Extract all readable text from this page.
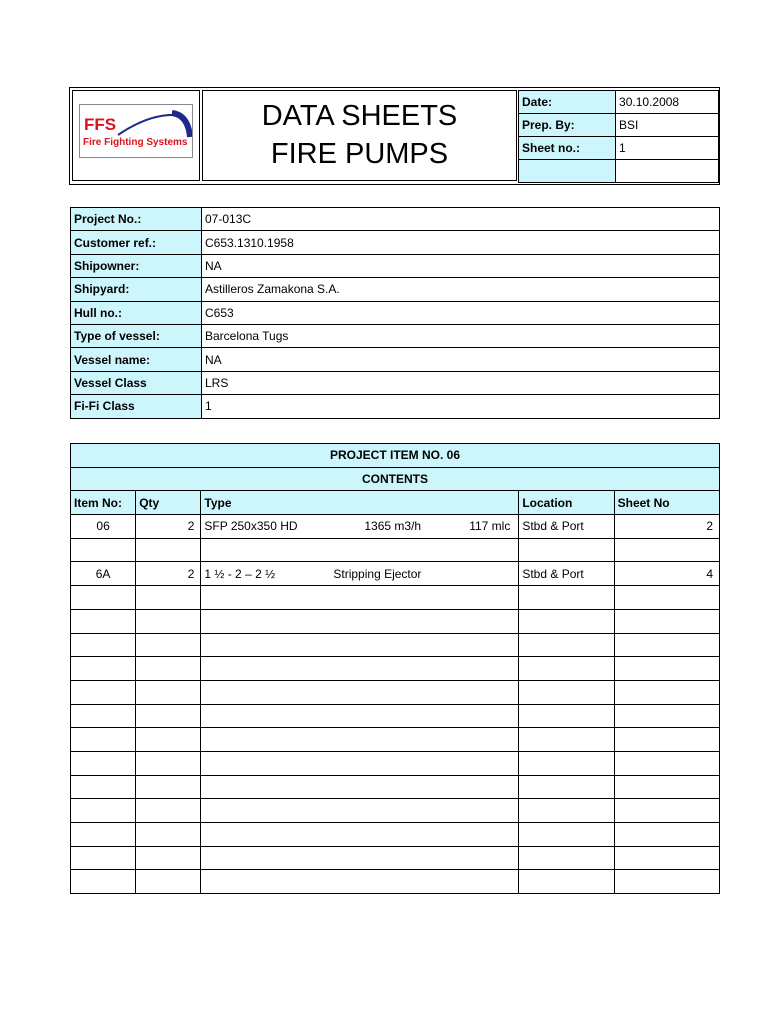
FFS
Fire Fighting Systems
DATA SHEETS
FIRE PUMPS
Date:	30.10.2008
Prep. By:	BSI
Sheet no.:	1

Project No.:	07-013C
Customer ref.:	C653.1310.1958
Shipowner:	NA
Shipyard:	Astilleros Zamakona S.A.
Hull no.:	C653
Type of vessel:	Barcelona Tugs
Vessel name:	NA
Vessel Class	LRS
Fi-Fi Class	1
PROJECT ITEM NO. 06				
CONTENTS				
Item No:	Qty	Type	Location	Sheet No
06	2	SFP 250x350 HD 1365 m3/h 117 mlc	Stbd & Port	2

6A	2	1 ½ - 2 – 2 ½ Stripping Ejector	Stbd & Port	4
